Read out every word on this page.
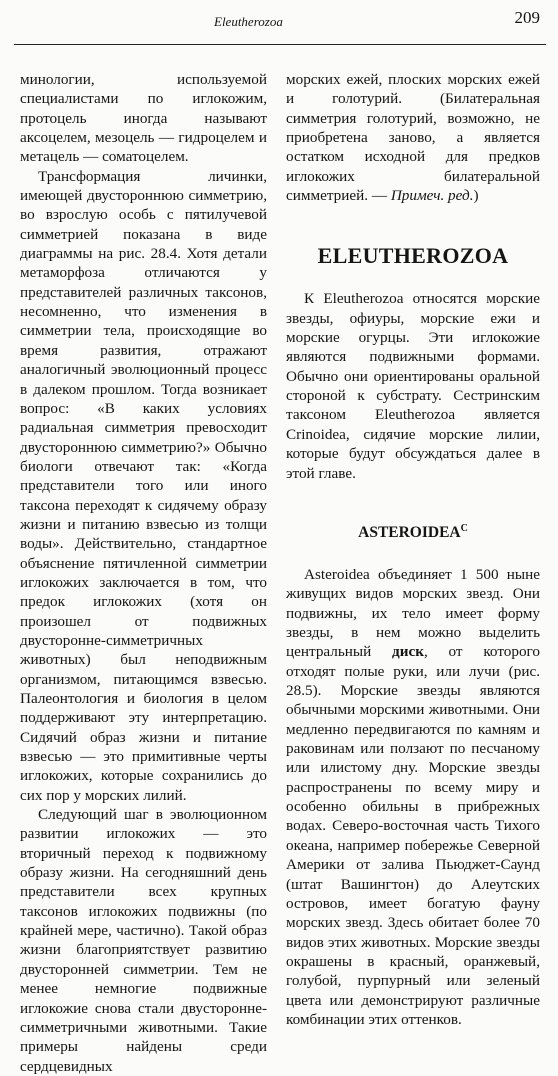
Eleutherozoa	209

минологии, используемой специалистами по иглокожим, протоцель иногда называют аксоцелем, мезоцель — гидроцелем и метацель — соматоцелем.

Трансформация личинки, имеющей двустороннюю симметрию, во взрослую особь с пятилучевой симметрией показана в виде диаграммы на рис. 28.4. Хотя детали метаморфоза отличаются у представителей различных таксонов, несомненно, что изменения в симметрии тела, происходящие во время развития, отражают аналогичный эволюционный процесс в далеком прошлом. Тогда возникает вопрос: «В каких условиях радиальная симметрия превосходит двустороннюю симметрию?» Обычно биологи отвечают так: «Когда представители того или иного таксона переходят к сидячему образу жизни и питанию взвесью из толщи воды». Действительно, стандартное объяснение пятичленной симметрии иглокожих заключается в том, что предок иглокожих (хотя он произошел от подвижных двусторонне-симметричных животных) был неподвижным организмом, питающимся взвесью. Палеонтология и биология в целом поддерживают эту интерпретацию. Сидячий образ жизни и питание взвесью — это примитивные черты иглокожих, которые сохранились до сих пор у морских лилий.

Следующий шаг в эволюционном развитии иглокожих — это вторичный переход к подвижному образу жизни. На сегодняшний день представители всех крупных таксонов иглокожих подвижны (по крайней мере, частично). Такой образ жизни благоприятствует развитию двусторонней симметрии. Тем не менее немногие подвижные иглокожие снова стали двусторонне-симметричными животными. Такие примеры найдены среди сердцевидных

морских ежей, плоских морских ежей и голотурий. (Билатеральная симметрия голотурий, возможно, не приобретена заново, а является остатком исходной для предков иглокожих билатеральной симметрией. — Примеч. ред.)

ELEUTHEROZOA

К Eleutherozoa относятся морские звезды, офиуры, морские ежи и морские огурцы. Эти иглокожие являются подвижными формами. Обычно они ориентированы оральной стороной к субстрату. Сестринским таксоном Eleutherozoa является Crinoidea, сидячие морские лилии, которые будут обсуждаться далее в этой главе.

$ASTEROIDEA^C$

Asteroidea объединяет 1 500 ныне живущих видов морских звезд. Они подвижны, их тело имеет форму звезды, в нем можно выделить центральный диск, от которого отходят полые руки, или лучи (рис. 28.5). Морские звезды являются обычными морскими животными. Они медленно передвигаются по камням и раковинам или ползают по песчаному или илистому дну. Морские звезды распространены по всему миру и особенно обильны в прибрежных водах. Северо-восточная часть Тихого океана, например побережье Северной Америки от залива Пьюджет-Саунд (штат Вашингтон) до Алеутских островов, имеет богатую фауну морских звезд. Здесь обитает более 70 видов этих животных. Морские звезды окрашены в красный, оранжевый, голубой, пурпурный или зеленый цвета или демонстрируют различные комбинации этих оттенков.
